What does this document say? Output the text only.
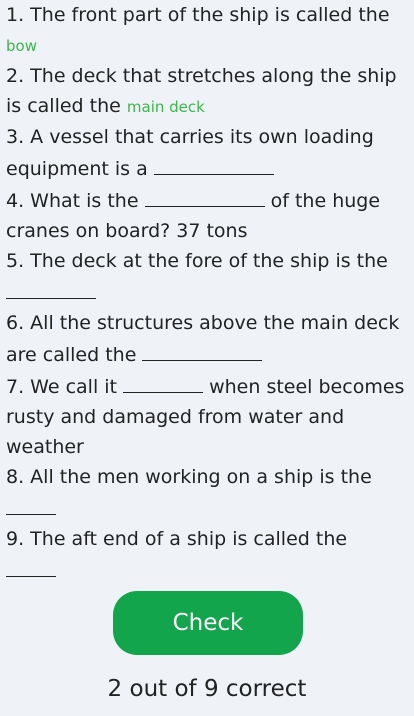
1. The front part of the ship is called the
bow

2. The deck that stretches along the ship is called the main deck

3. A vessel that carries its own loading equipment is a

4. What is the	of the huge cranes on board? 37 tons

5. The deck at the fore of the ship is the

6. All the structures above the main deck are called the

7. We call it	when steel becomes rusty and damaged from water and weather

8. All the men working on a ship is the

9. The aft end of a ship is called the

Check
2 out of 9 correct
